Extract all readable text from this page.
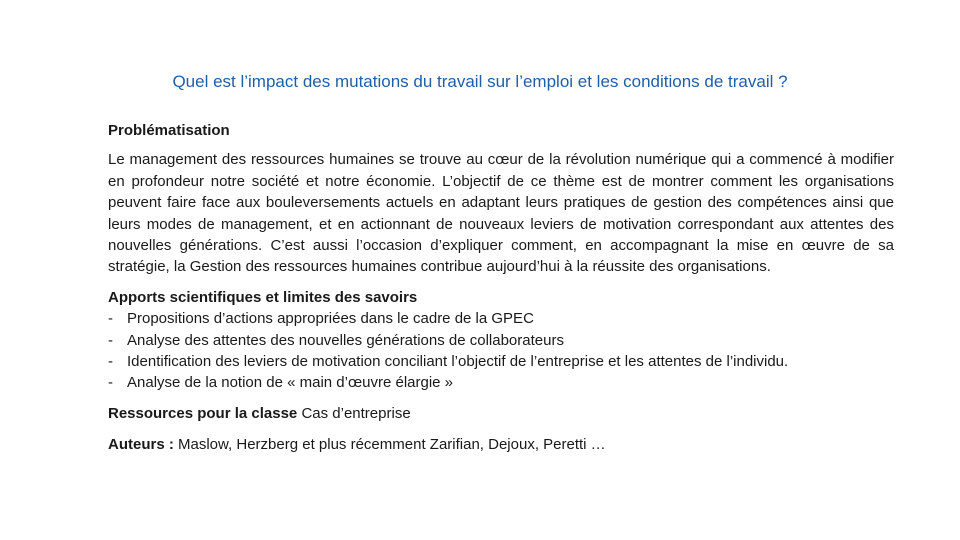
Quel est l’impact des mutations du travail sur l’emploi et les conditions de travail ?

Problématisation

Le management des ressources humaines se trouve au cœur de la révolution numérique qui a commencé à modifier en profondeur notre société et notre économie. L’objectif de ce thème est de montrer comment les organisations peuvent faire face aux bouleversements actuels en adaptant leurs pratiques de gestion des compétences ainsi que leurs modes de management, et en actionnant de nouveaux leviers de motivation correspondant aux attentes des nouvelles générations. C’est aussi l’occasion d’expliquer comment, en accompagnant la mise en œuvre de sa stratégie, la Gestion des ressources humaines contribue aujourd’hui à la réussite des organisations.

Apports scientifiques et limites des savoirs

- Propositions d’actions appropriées dans le cadre de la GPEC
- Analyse des attentes des nouvelles générations de collaborateurs
- Identification des leviers de motivation conciliant l’objectif de l’entreprise et les attentes de l’individu.
- Analyse de la notion de « main d’œuvre élargie »

Ressources pour la classe Cas d’entreprise

Auteurs : Maslow, Herzberg et plus récemment Zarifian, Dejoux, Peretti …
